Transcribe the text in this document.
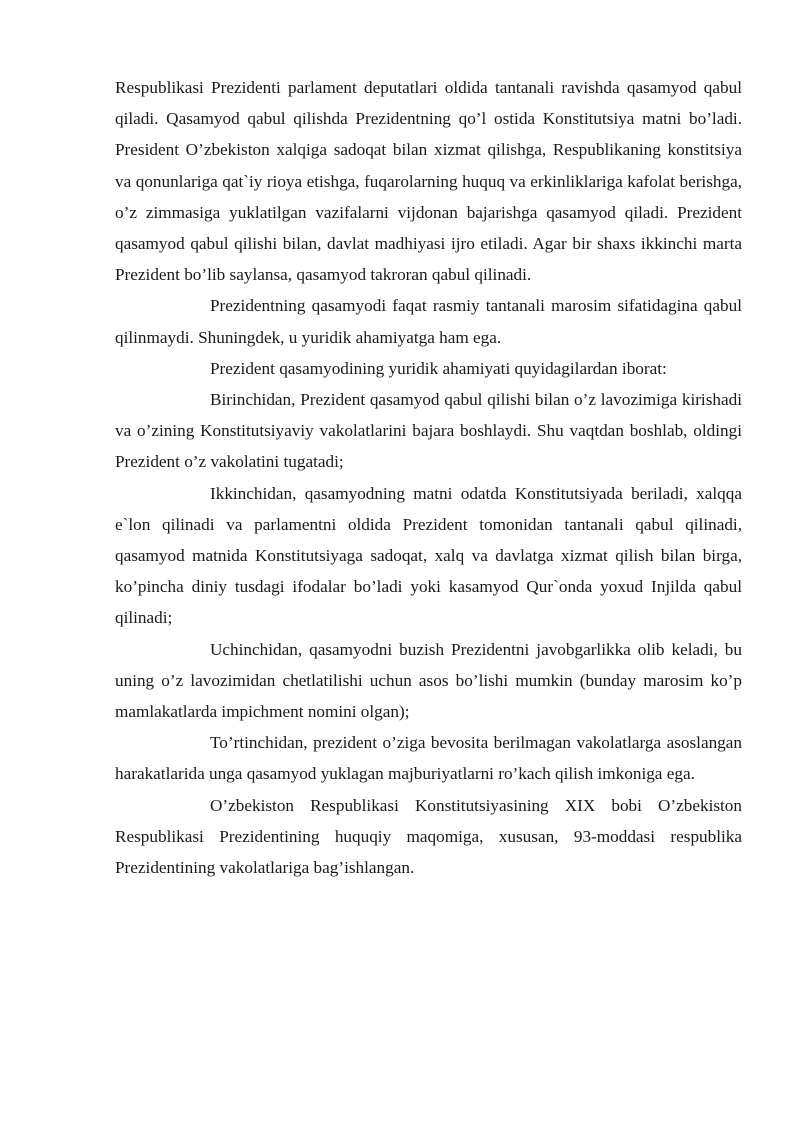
Respublikasi Prezidenti parlament deputatlari oldida tantanali ravishda qasamyod qabul qiladi. Qasamyod qabul qilishda Prezidentning qo’l ostida Konstitutsiya matni bo’ladi. President O’zbekiston xalqiga sadoqat bilan xizmat qilishga, Respublikaning konstitsiya va qonunlariga qat`iy rioya etishga, fuqarolarning huquq va erkinliklariga kafolat berishga, o’z zimmasiga yuklatilgan vazifalarni vijdonan bajarishga qasamyod qiladi. Prezident qasamyod qabul qilishi bilan, davlat madhiyasi ijro etiladi. Agar bir shaxs ikkinchi marta Prezident bo’lib saylansa, qasamyod takroran qabul qilinadi.

Prezidentning qasamyodi faqat rasmiy tantanali marosim sifatidagina qabul qilinmaydi. Shuningdek, u yuridik ahamiyatga ham ega.

Prezident qasamyodining yuridik ahamiyati quyidagilardan iborat:

Birinchidan, Prezident qasamyod qabul qilishi bilan o’z lavozimiga kirishadi va o’zining Konstitutsiyaviy vakolatlarini bajara boshlaydi. Shu vaqtdan boshlab, oldingi Prezident o’z vakolatini tugatadi;

Ikkinchidan, qasamyodning matni odatda Konstitutsiyada beriladi, xalqqa e`lon qilinadi va parlamentni oldida Prezident tomonidan tantanali qabul qilinadi, qasamyod matnida Konstitutsiyaga sadoqat, xalq va davlatga xizmat qilish bilan birga, ko’pincha diniy tusdagi ifodalar bo’ladi yoki kasamyod Qur`onda yoxud Injilda qabul qilinadi;

Uchinchidan, qasamyodni buzish Prezidentni javobgarlikka olib keladi, bu uning o’z lavozimidan chetlatilishi uchun asos bo’lishi mumkin (bunday marosim ko’p mamlakatlarda impichment nomini olgan);

To’rtinchidan, prezident o’ziga bevosita berilmagan vakolatlarga asoslangan harakatlarida unga qasamyod yuklagan majburiyatlarni ro’kach qilish imkoniga ega.

O’zbekiston Respublikasi Konstitutsiyasining XIX bobi O’zbekiston Respublikasi Prezidentining huquqiy maqomiga, xususan, 93-moddasi respublika Prezidentining vakolatlariga bag’ishlangan.
